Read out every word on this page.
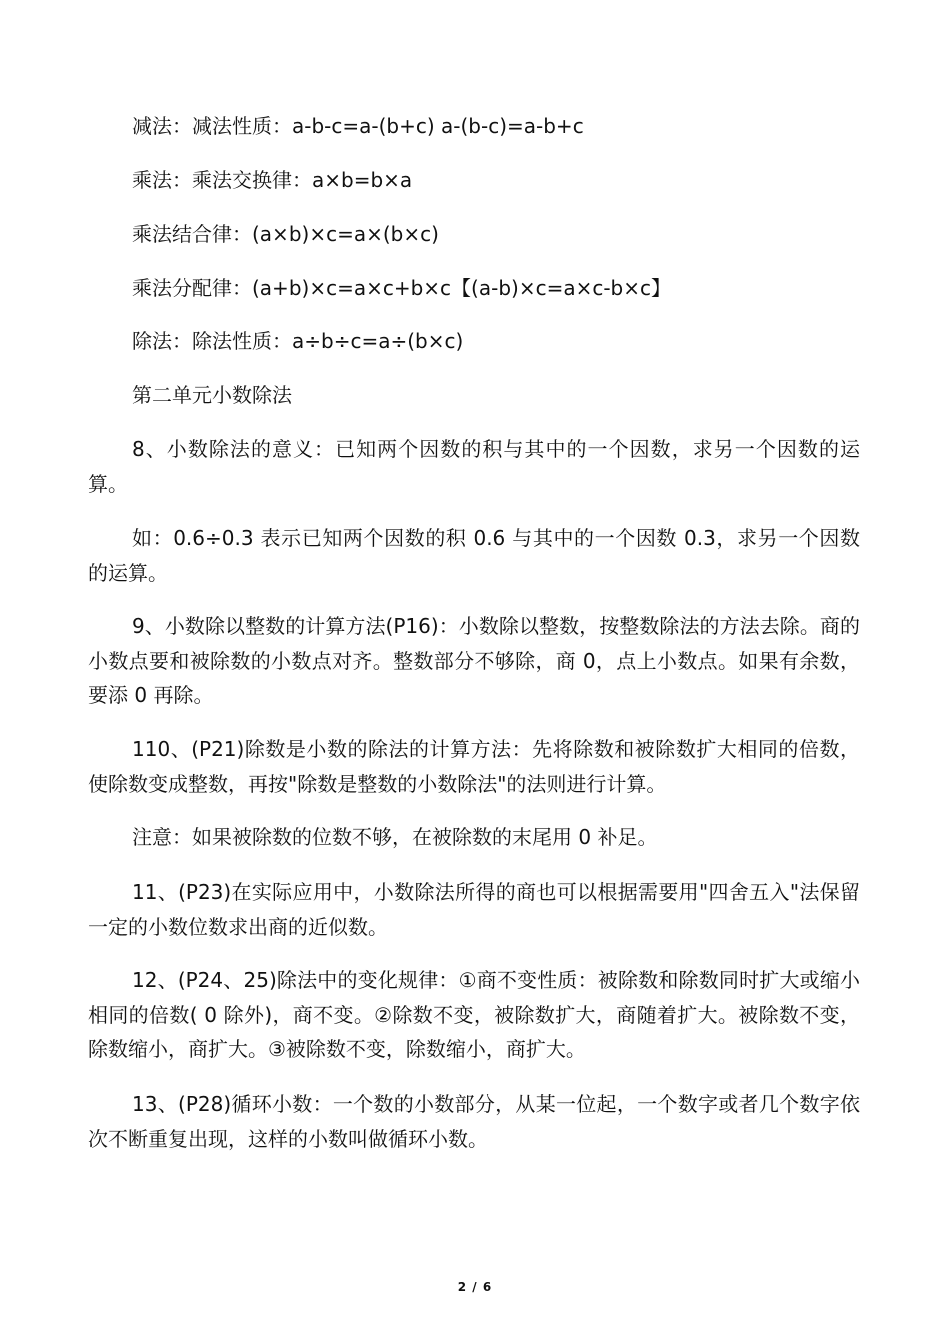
减法：减法性质：a-b-c=a-(b+c) a-(b-c)=a-b+c
乘法：乘法交换律：a×b=b×a
乘法结合律：(a×b)×c=a×(b×c)
乘法分配律：(a+b)×c=a×c+b×c【(a-b)×c=a×c-b×c】
除法：除法性质：a÷b÷c=a÷(b×c)
第二单元小数除法

8、小数除法的意义：已知两个因数的积与其中的一个因数，求另一个因数的运算。

如：0.6÷0.3 表示已知两个因数的积 0.6 与其中的一个因数 0.3，求另一个因数的运算。

9、小数除以整数的计算方法(P16)：小数除以整数，按整数除法的方法去除。商的小数点要和被除数的小数点对齐。整数部分不够除，商 0，点上小数点。如果有余数，要添 0 再除。

110、(P21)除数是小数的除法的计算方法：先将除数和被除数扩大相同的倍数，使除数变成整数，再按"除数是整数的小数除法"的法则进行计算。

注意：如果被除数的位数不够，在被除数的末尾用 0 补足。

11、(P23)在实际应用中，小数除法所得的商也可以根据需要用"四舍五入"法保留一定的小数位数求出商的近似数。

12、(P24、25)除法中的变化规律：①商不变性质：被除数和除数同时扩大或缩小相同的倍数( 0 除外)，商不变。②除数不变，被除数扩大，商随着扩大。被除数不变，除数缩小，商扩大。③被除数不变，除数缩小，商扩大。

13、(P28)循环小数：一个数的小数部分，从某一位起，一个数字或者几个数字依次不断重复出现，这样的小数叫做循环小数。

2 / 6
